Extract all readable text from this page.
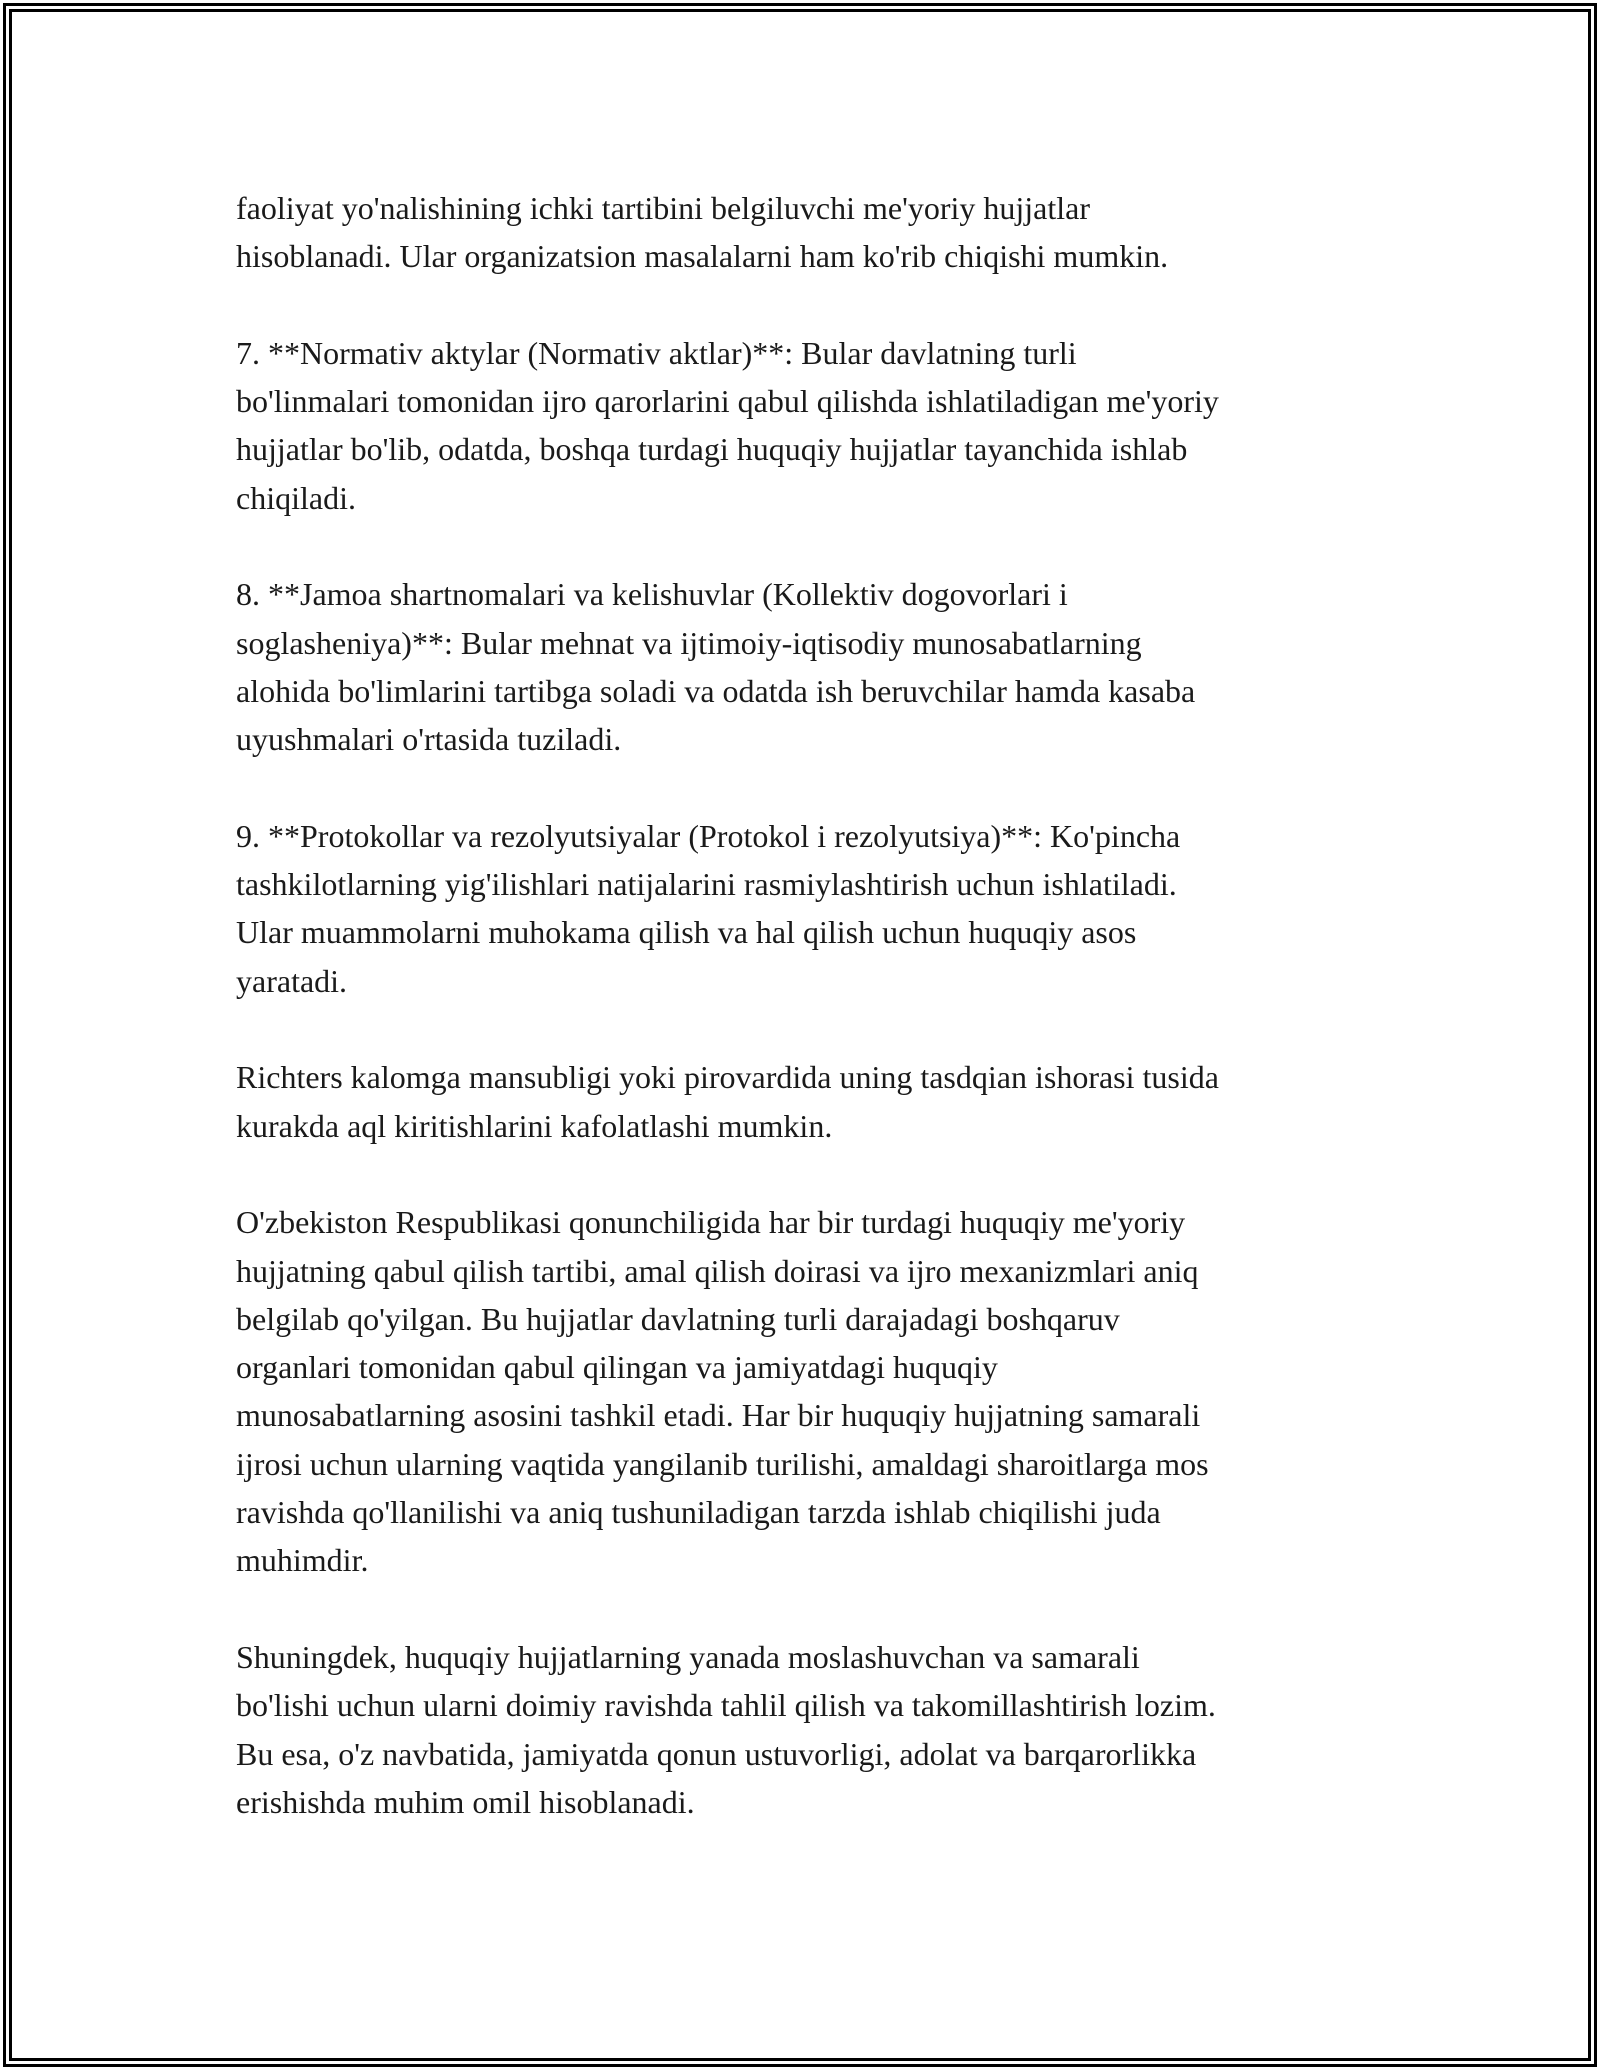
faoliyat yo'nalishining ichki tartibini belgiluvchi me'yoriy hujjatlar
hisoblanadi. Ular organizatsion masalalarni ham ko'rib chiqishi mumkin.

7. **Normativ aktylar (Normativ aktlar)**: Bular davlatning turli
bo'linmalari tomonidan ijro qarorlarini qabul qilishda ishlatiladigan me'yoriy
hujjatlar bo'lib, odatda, boshqa turdagi huquqiy hujjatlar tayanchida ishlab
chiqiladi.

8. **Jamoa shartnomalari va kelishuvlar (Kollektiv dogovorlari i
soglasheniya)**: Bular mehnat va ijtimoiy-iqtisodiy munosabatlarning
alohida bo'limlarini tartibga soladi va odatda ish beruvchilar hamda kasaba
uyushmalari o'rtasida tuziladi.

9. **Protokollar va rezolyutsiyalar (Protokol i rezolyutsiya)**: Ko'pincha
tashkilotlarning yig'ilishlari natijalarini rasmiylashtirish uchun ishlatiladi.
Ular muammolarni muhokama qilish va hal qilish uchun huquqiy asos
yaratadi.

Richters kalomga mansubligi yoki pirovardida uning tasdqian ishorasi tusida
kurakda aql kiritishlarini kafolatlashi mumkin.

O'zbekiston Respublikasi qonunchiligida har bir turdagi huquqiy me'yoriy
hujjatning qabul qilish tartibi, amal qilish doirasi va ijro mexanizmlari aniq
belgilab qo'yilgan. Bu hujjatlar davlatning turli darajadagi boshqaruv
organlari tomonidan qabul qilingan va jamiyatdagi huquqiy
munosabatlarning asosini tashkil etadi. Har bir huquqiy hujjatning samarali
ijrosi uchun ularning vaqtida yangilanib turilishi, amaldagi sharoitlarga mos
ravishda qo'llanilishi va aniq tushuniladigan tarzda ishlab chiqilishi juda
muhimdir.

Shuningdek, huquqiy hujjatlarning yanada moslashuvchan va samarali
bo'lishi uchun ularni doimiy ravishda tahlil qilish va takomillashtirish lozim.
Bu esa, o'z navbatida, jamiyatda qonun ustuvorligi, adolat va barqarorlikka
erishishda muhim omil hisoblanadi.
